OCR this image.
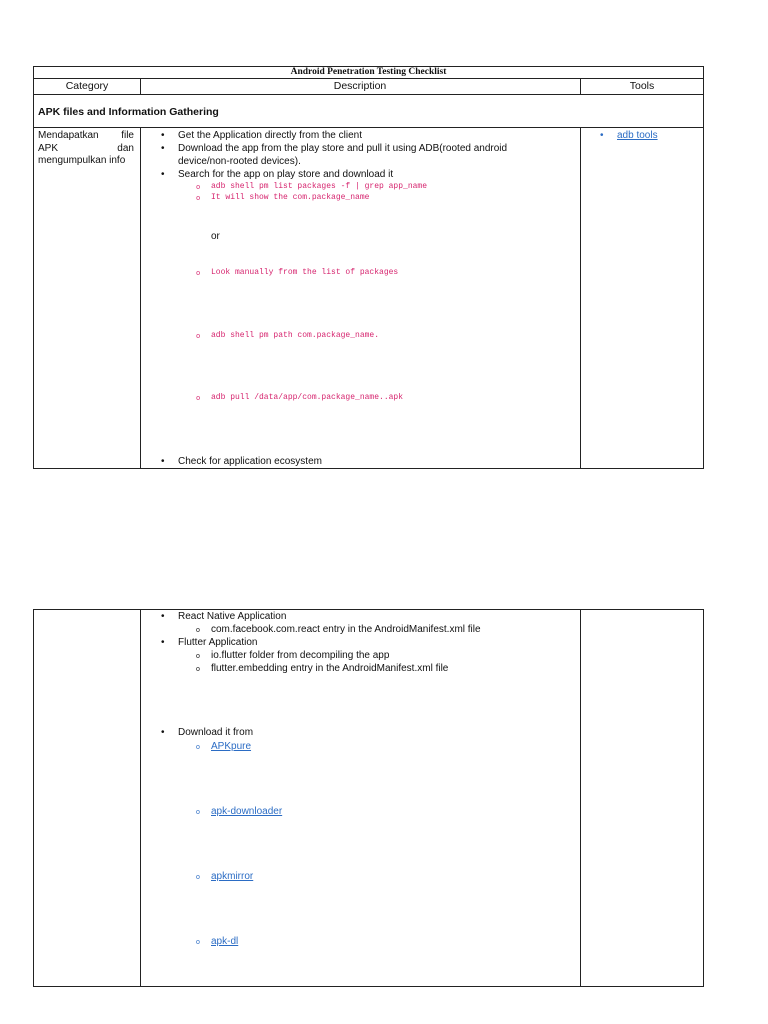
Android Penetration Testing Checklist
Category	Description	Tools
APK files and Information Gathering
Mendapatkan file
APK dan
mengumpulkan info
• Get the Application directly from the client
• Download the app from the play store and pull it using ADB(rooted android
device/non-rooted devices).
• Search for the app on play store and download it
o adb shell pm list packages -f | grep app_name
o It will show the com.package_name
or
o Look manually from the list of packages
o adb shell pm path com.package_name.
o adb pull /data/app/com.package_name..apk
• Check for application ecosystem
• adb tools
• React Native Application
o com.facebook.com.react entry in the AndroidManifest.xml file
• Flutter Application
o io.flutter folder from decompiling the app
o flutter.embedding entry in the AndroidManifest.xml file
• Download it from
o APKpure
o apk-downloader
o apkmirror
o apk-dl
